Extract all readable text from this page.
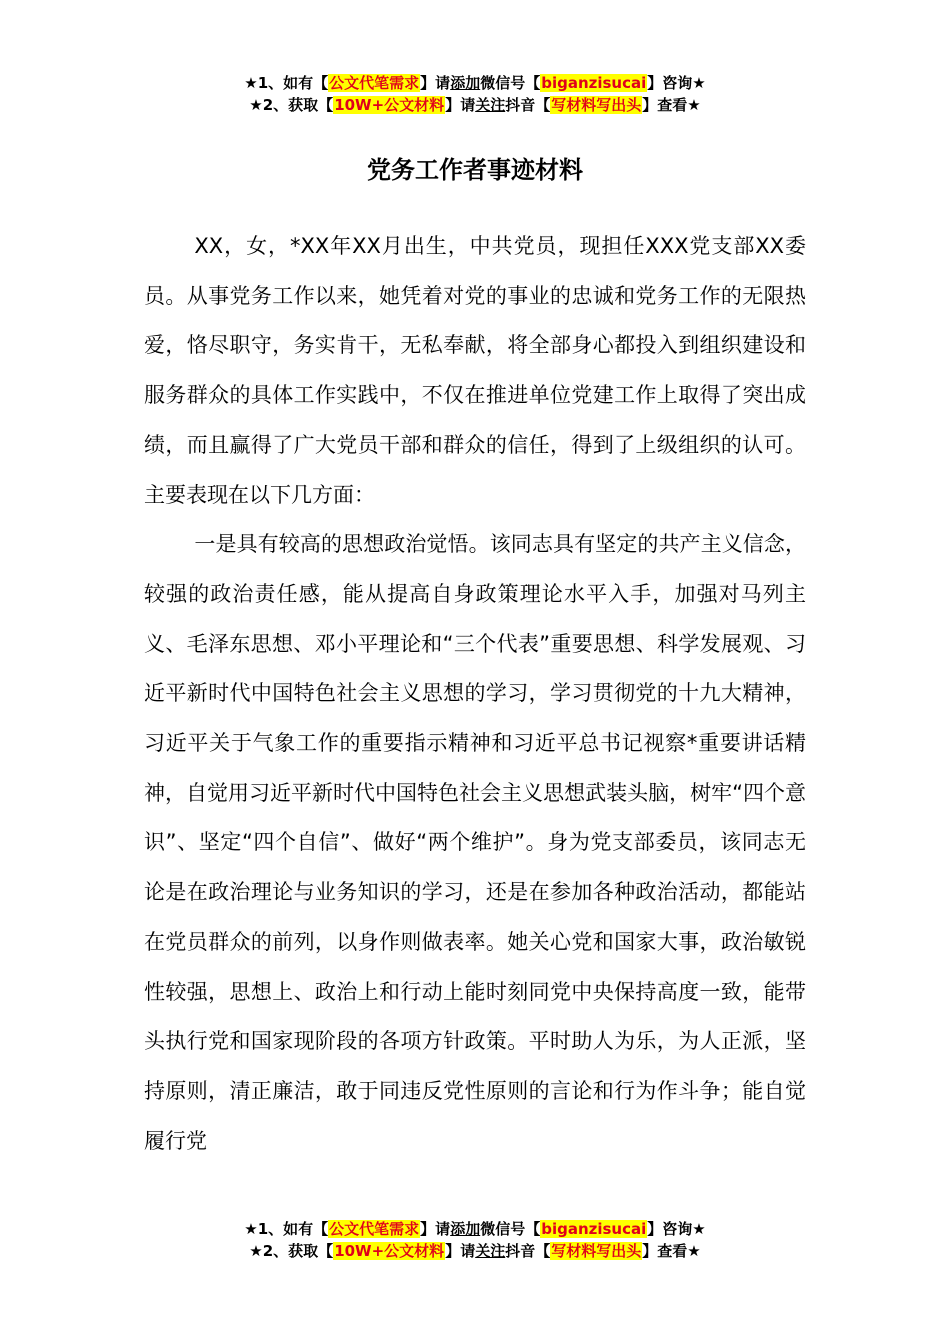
★1、如有【公文代笔需求】请添加微信号【biganzisucai】咨询★
★2、获取【10W+公文材料】请关注抖音【写材料写出头】查看★
党务工作者事迹材料

XX，女，*XX年XX月出生，中共党员，现担任XXX党支部XX委员。从事党务工作以来，她凭着对党的事业的忠诚和党务工作的无限热爱，恪尽职守，务实肯干，无私奉献，将全部身心都投入到组织建设和服务群众的具体工作实践中，不仅在推进单位党建工作上取得了突出成绩，而且赢得了广大党员干部和群众的信任，得到了上级组织的认可。主要表现在以下几方面：

一是具有较高的思想政治觉悟。该同志具有坚定的共产主义信念，较强的政治责任感，能从提高自身政策理论水平入手，加强对马列主义、毛泽东思想、邓小平理论和“三个代表”重要思想、科学发展观、习近平新时代中国特色社会主义思想的学习，学习贯彻党的十九大精神，习近平关于气象工作的重要指示精神和习近平总书记视察*重要讲话精神，自觉用习近平新时代中国特色社会主义思想武装头脑，树牢“四个意识”、坚定“四个自信”、做好“两个维护”。身为党支部委员，该同志无论是在政治理论与业务知识的学习，还是在参加各种政治活动，都能站在党员群众的前列，以身作则做表率。她关心党和国家大事，政治敏锐性较强，思想上、政治上和行动上能时刻同党中央保持高度一致，能带头执行党和国家现阶段的各项方针政策。平时助人为乐，为人正派，坚持原则，清正廉洁，敢于同违反党性原则的言论和行为作斗争；能自觉履行党

★1、如有【公文代笔需求】请添加微信号【biganzisucai】咨询★
★2、获取【10W+公文材料】请关注抖音【写材料写出头】查看★
